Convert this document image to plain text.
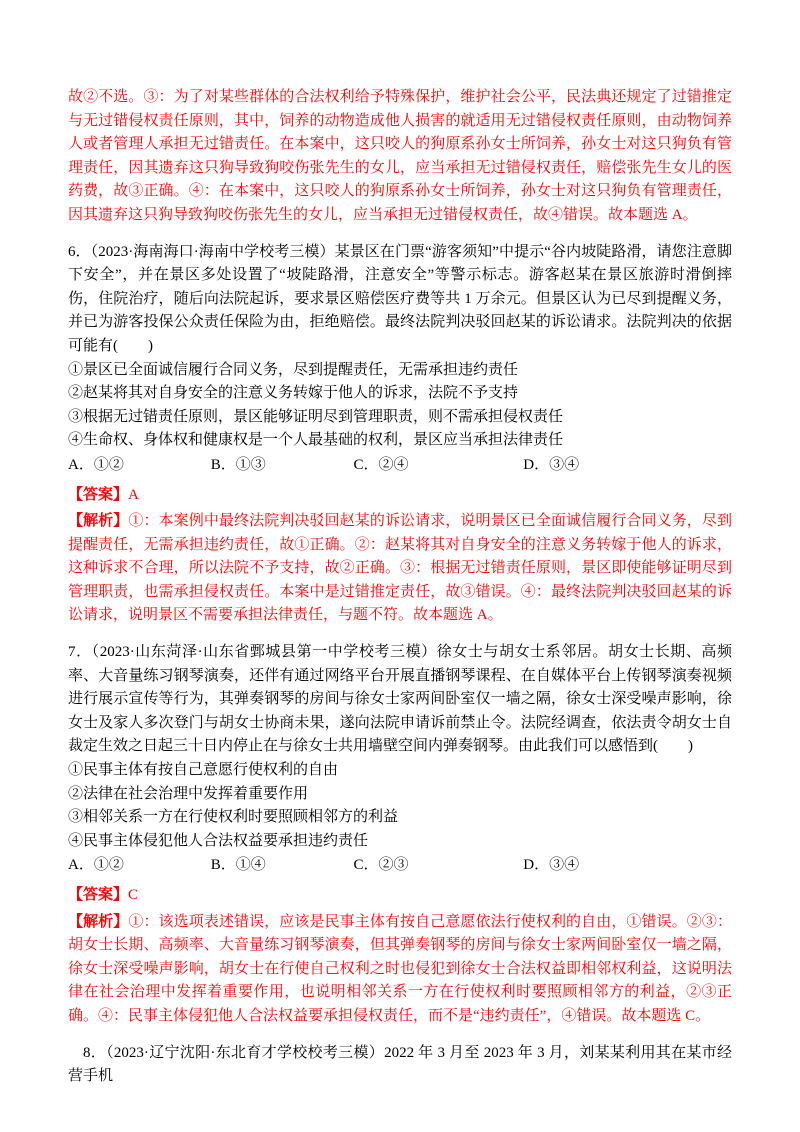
故②不选。③：为了对某些群体的合法权利给予特殊保护，维护社会公平，民法典还规定了过错推定与无过错侵权责任原则，其中，饲养的动物造成他人损害的就适用无过错侵权责任原则，由动物饲养人或者管理人承担无过错责任。在本案中，这只咬人的狗原系孙女士所饲养，孙女士对这只狗负有管理责任，因其遗弃这只狗导致狗咬伤张先生的女儿，应当承担无过错侵权责任，赔偿张先生女儿的医药费，故③正确。④：在本案中，这只咬人的狗原系孙女士所饲养，孙女士对这只狗负有管理责任，因其遗弃这只狗导致狗咬伤张先生的女儿，应当承担无过错侵权责任，故④错误。故本题选 A。

6．（2023·海南海口·海南中学校考三模）某景区在门票“游客须知”中提示“谷内坡陡路滑，请您注意脚下安全”，并在景区多处设置了“坡陡路滑，注意安全”等警示标志。游客赵某在景区旅游时滑倒摔伤，住院治疗，随后向法院起诉，要求景区赔偿医疗费等共 1 万余元。但景区认为已尽到提醒义务，并已为游客投保公众责任保险为由，拒绝赔偿。最终法院判决驳回赵某的诉讼请求。法院判决的依据可能有(　　)

①景区已全面诚信履行合同义务，尽到提醒责任，无需承担违约责任

②赵某将其对自身安全的注意义务转嫁于他人的诉求，法院不予支持

③根据无过错责任原则，景区能够证明尽到管理职责，则不需承担侵权责任

④生命权、身体权和健康权是一个人最基础的权利，景区应当承担法律责任

A．①②	B．①③	C．②④	D．③④

【答案】A

【解析】①：本案例中最终法院判决驳回赵某的诉讼请求，说明景区已全面诚信履行合同义务，尽到提醒责任，无需承担违约责任，故①正确。②：赵某将其对自身安全的注意义务转嫁于他人的诉求，这种诉求不合理，所以法院不予支持，故②正确。③：根据无过错责任原则，景区即使能够证明尽到管理职责，也需承担侵权责任。本案中是过错推定责任，故③错误。④：最终法院判决驳回赵某的诉讼请求，说明景区不需要承担法律责任，与题不符。故本题选 A。

7．（2023·山东菏泽·山东省鄄城县第一中学校考三模）徐女士与胡女士系邻居。胡女士长期、高频率、大音量练习钢琴演奏，还伴有通过网络平台开展直播钢琴课程、在自媒体平台上传钢琴演奏视频进行展示宣传等行为，其弹奏钢琴的房间与徐女士家两间卧室仅一墙之隔，徐女士深受噪声影响，徐女士及家人多次登门与胡女士协商未果，遂向法院申请诉前禁止令。法院经调查，依法责令胡女士自裁定生效之日起三十日内停止在与徐女士共用墙壁空间内弹奏钢琴。由此我们可以感悟到(　　)

①民事主体有按自己意愿行使权利的自由

②法律在社会治理中发挥着重要作用

③相邻关系一方在行使权利时要照顾相邻方的利益

④民事主体侵犯他人合法权益要承担违约责任

A．①②	B．①④	C．②③	D．③④

【答案】C

【解析】①：该选项表述错误，应该是民事主体有按自己意愿依法行使权利的自由，①错误。②③：胡女士长期、高频率、大音量练习钢琴演奏，但其弹奏钢琴的房间与徐女士家两间卧室仅一墙之隔，徐女士深受噪声影响，胡女士在行使自己权利之时也侵犯到徐女士合法权益即相邻权利益，这说明法律在社会治理中发挥着重要作用，也说明相邻关系一方在行使权利时要照顾相邻方的利益，②③正确。④：民事主体侵犯他人合法权益要承担侵权责任，而不是“违约责任”，④错误。故本题选 C。

8．（2023·辽宁沈阳·东北育才学校校考三模）2022 年 3 月至 2023 年 3 月，刘某某利用其在某市经营手机
